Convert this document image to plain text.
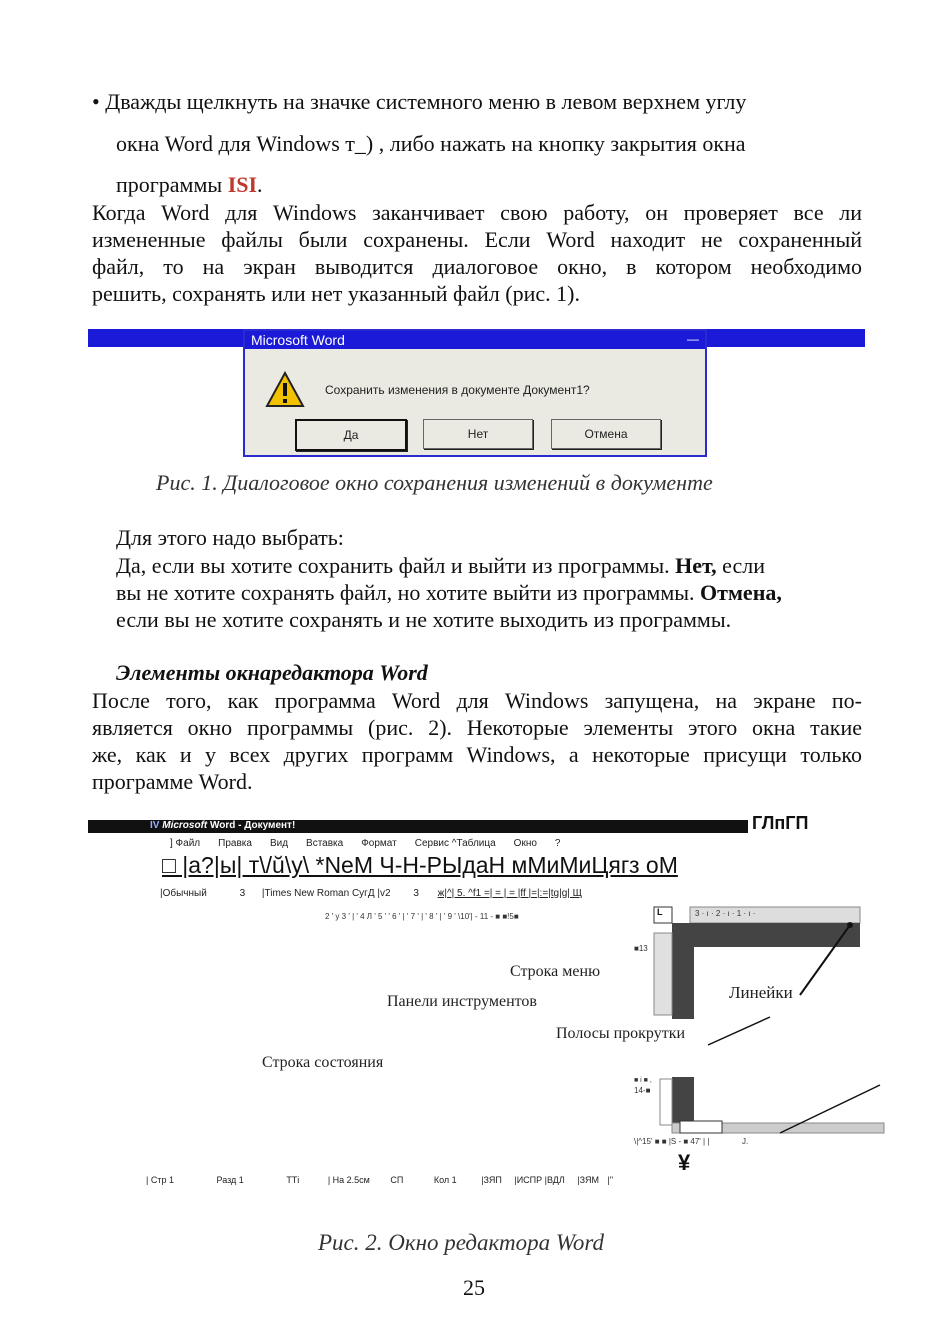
• Дважды щелкнуть на значке системного меню в левом верхнем углу
окна Word для Windows т_) , либо нажать на кнопку закрытия окна
программы ISI.
Когда Word для Windows заканчивает свою работу, он проверяет все ли
измененные файлы были сохранены. Если Word находит не сохраненный
файл, то на экран выводится диалоговое окно, в котором необходимо
решить, сохранять или нет указанный файл (рис. 1).
Microsoft Word	—
Сохранить изменения в документе Документ1?
Да	Нет	Отмена
Рис. 1. Диалоговое окно сохранения изменений в документе
Для этого надо выбрать:
Да, если вы хотите сохранить файл и выйти из программы. Нет, если
вы не хотите сохранять файл, но хотите выйти из программы. Отмена,
если вы не хотите сохранять и не хотите выходить из программы.
Элементы окнаредактора Word
После того, как программа Word для Windows запущена, на экране по-
является окно программы (рис. 2). Некоторые элементы этого окна такие
же, как и у всех других программ Windows, а некоторые присущи только
программе Word.
IV Microsoft Word - Документ!	ГЛпГП
] Файл Правка Вид Вставка Формат Сервис ^Таблица Окно ?
□ |а?|ы| т\/ŭ\у\ *NeM Ч-Н-РЫдаН мМиМиЦягз оМ
|Обычный	3 |Times New Roman СугД |v2 3 ж|^| 5. ^f1 =| = | = |ff |=|:=|tg|g| Щ
2 ' у 3 ' | ' 4 Л ' 5 ' ' 6 ' | ' 7 ' | ' 8 ' | ' 9 ' \10'| - 11 - ■ ■!5■	L	3 · ı · 2 · ı · 1 · ı ·
■13
■ i ■ ,
14-■
\|^15' ■ ■ |S - ■ 47' | |	J.
¥
Строка меню
Панели инструментов	Линейки
Полосы прокрутки
Строка состояния
| Стр 1	Разд 1	ТТі	| На 2.5см СП	Кол 1	|ЗЯП |ИСПР |ВДЛ |ЗЯМ |"
Рис. 2. Окно редактора Word
25
